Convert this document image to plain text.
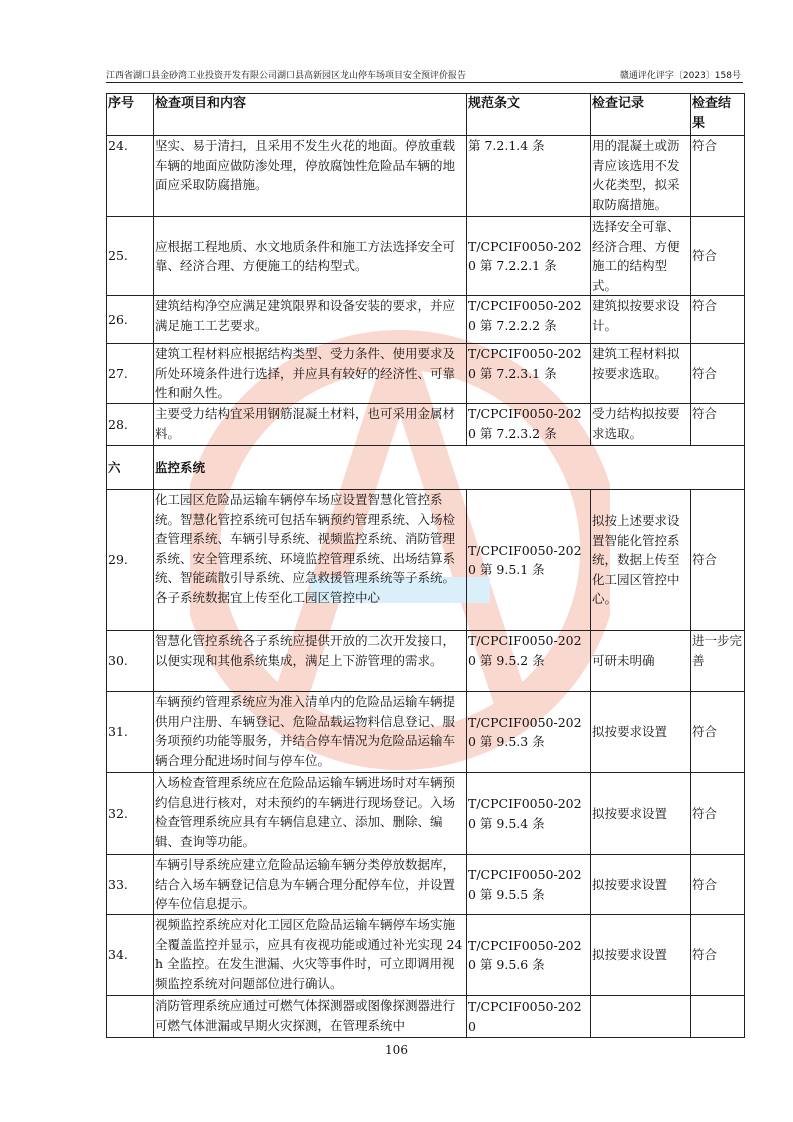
江西省湖口县金砂湾工业投资开发有限公司湖口县高新园区龙山停车场项目安全预评价报告	赣通评化评字〔2023〕158号
序号	检查项目和内容	规范条文	检查记录	检查结果
24.	坚实、易于清扫，且采用不发生火花的地面。停放重载车辆的地面应做防渗处理，停放腐蚀性危险品车辆的地面应采取防腐措施。	第 7.2.1.4 条	用的混凝土或沥青应该选用不发火花类型，拟采取防腐措施。	符合
25.	应根据工程地质、水文地质条件和施工方法选择安全可靠、经济合理、方便施工的结构型式。	T/CPCIF0050-2020 第 7.2.2.1 条	选择安全可靠、经济合理、方便施工的结构型式。	符合
26.	建筑结构净空应满足建筑限界和设备安装的要求，并应满足施工工艺要求。	T/CPCIF0050-2020 第 7.2.2.2 条	建筑拟按要求设计。	符合
27.	建筑工程材料应根据结构类型、受力条件、使用要求及所处环境条件进行选择，并应具有较好的经济性、可靠性和耐久性。	T/CPCIF0050-2020 第 7.2.3.1 条	建筑工程材料拟按要求选取。	符合
28.	主要受力结构宜采用钢筋混凝土材料，也可采用金属材料。	T/CPCIF0050-2020 第 7.2.3.2 条	受力结构拟按要求选取。	符合
六	监控系统			
29.	化工园区危险品运输车辆停车场应设置智慧化管控系统。智慧化管控系统可包括车辆预约管理系统、入场检查管理系统、车辆引导系统、视频监控系统、消防管理系统、安全管理系统、环境监控管理系统、出场结算系统、智能疏散引导系统、应急救援管理系统等子系统。各子系统数据宜上传至化工园区管控中心	T/CPCIF0050-2020 第 9.5.1 条	拟按上述要求设置智能化管控系统，数据上传至化工园区管控中心。	符合
30.	智慧化管控系统各子系统应提供开放的二次开发接口，以便实现和其他系统集成，满足上下游管理的需求。	T/CPCIF0050-2020 第 9.5.2 条	可研未明确	进一步完善
31.	车辆预约管理系统应为准入清单内的危险品运输车辆提供用户注册、车辆登记、危险品载运物料信息登记、服务项预约功能等服务，并结合停车情况为危险品运输车辆合理分配进场时间与停车位。	T/CPCIF0050-2020 第 9.5.3 条	拟按要求设置	符合
32.	入场检查管理系统应在危险品运输车辆进场时对车辆预约信息进行核对，对未预约的车辆进行现场登记。入场检查管理系统应具有车辆信息建立、添加、删除、编辑、查询等功能。	T/CPCIF0050-2020 第 9.5.4 条	拟按要求设置	符合
33.	车辆引导系统应建立危险品运输车辆分类停放数据库，结合入场车辆登记信息为车辆合理分配停车位，并设置停车位信息提示。	T/CPCIF0050-2020 第 9.5.5 条	拟按要求设置	符合
34.	视频监控系统应对化工园区危险品运输车辆停车场实施全覆盖监控并显示，应具有夜视功能或通过补光实现 24h 全监控。在发生泄漏、火灾等事件时，可立即调用视频监控系统对问题部位进行确认。	T/CPCIF0050-2020 第 9.5.6 条	拟按要求设置	符合
	消防管理系统应通过可燃气体探测器或图像探测器进行可燃气体泄漏或早期火灾探测，在管理系统中	T/CPCIF0050-2020		
106
